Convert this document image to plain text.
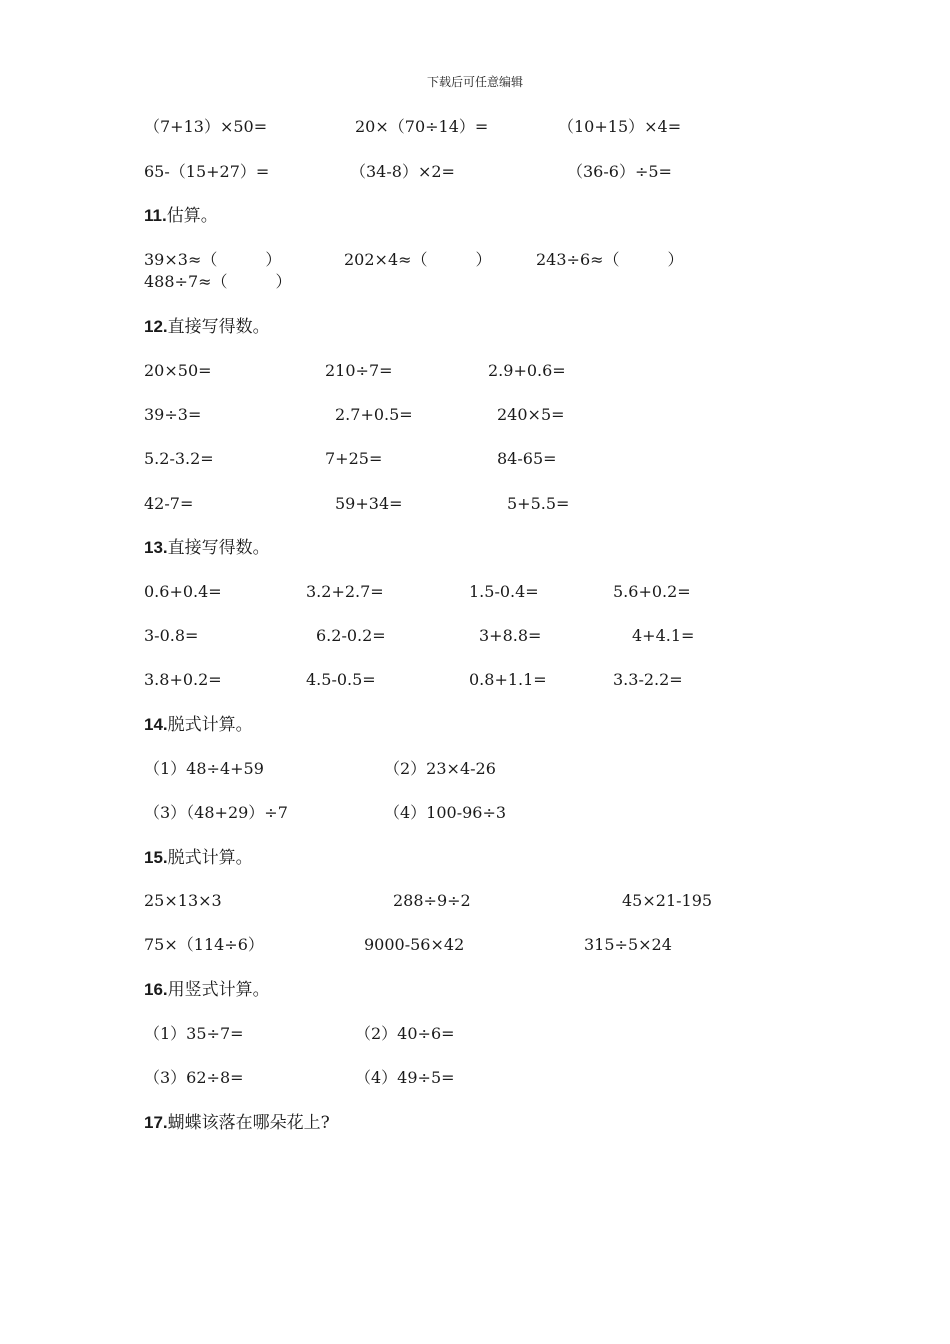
下载后可任意编辑
（7+13）×50=	20×（70÷14）=	（10+15）×4=
65-（15+27）=	（34-8）×2=	（36-6）÷5=
11.估算。
39×3≈（　　　）	202×4≈（　　　）	243÷6≈（　　　）
488÷7≈（　　　）
12.直接写得数。
20×50=	210÷7=	2.9+0.6=
39÷3=	2.7+0.5=	240×5=
5.2-3.2=	7+25=	84-65=
42-7=	59+34=	5+5.5=
13.直接写得数。
0.6+0.4=	3.2+2.7=	1.5-0.4=	5.6+0.2=
3-0.8=	6.2-0.2=	3+8.8=	4+4.1=
3.8+0.2=	4.5-0.5=	0.8+1.1=	3.3-2.2=
14.脱式计算。
（1）48÷4+59	（2）23×4-26
（3）（48+29）÷7	（4）100-96÷3
15.脱式计算。
25×13×3	288÷9÷2	45×21-195
75×（114÷6）	9000-56×42	315÷5×24
16.用竖式计算。
（1）35÷7=	（2）40÷6=
（3）62÷8=	（4）49÷5=
17.蝴蝶该落在哪朵花上?
